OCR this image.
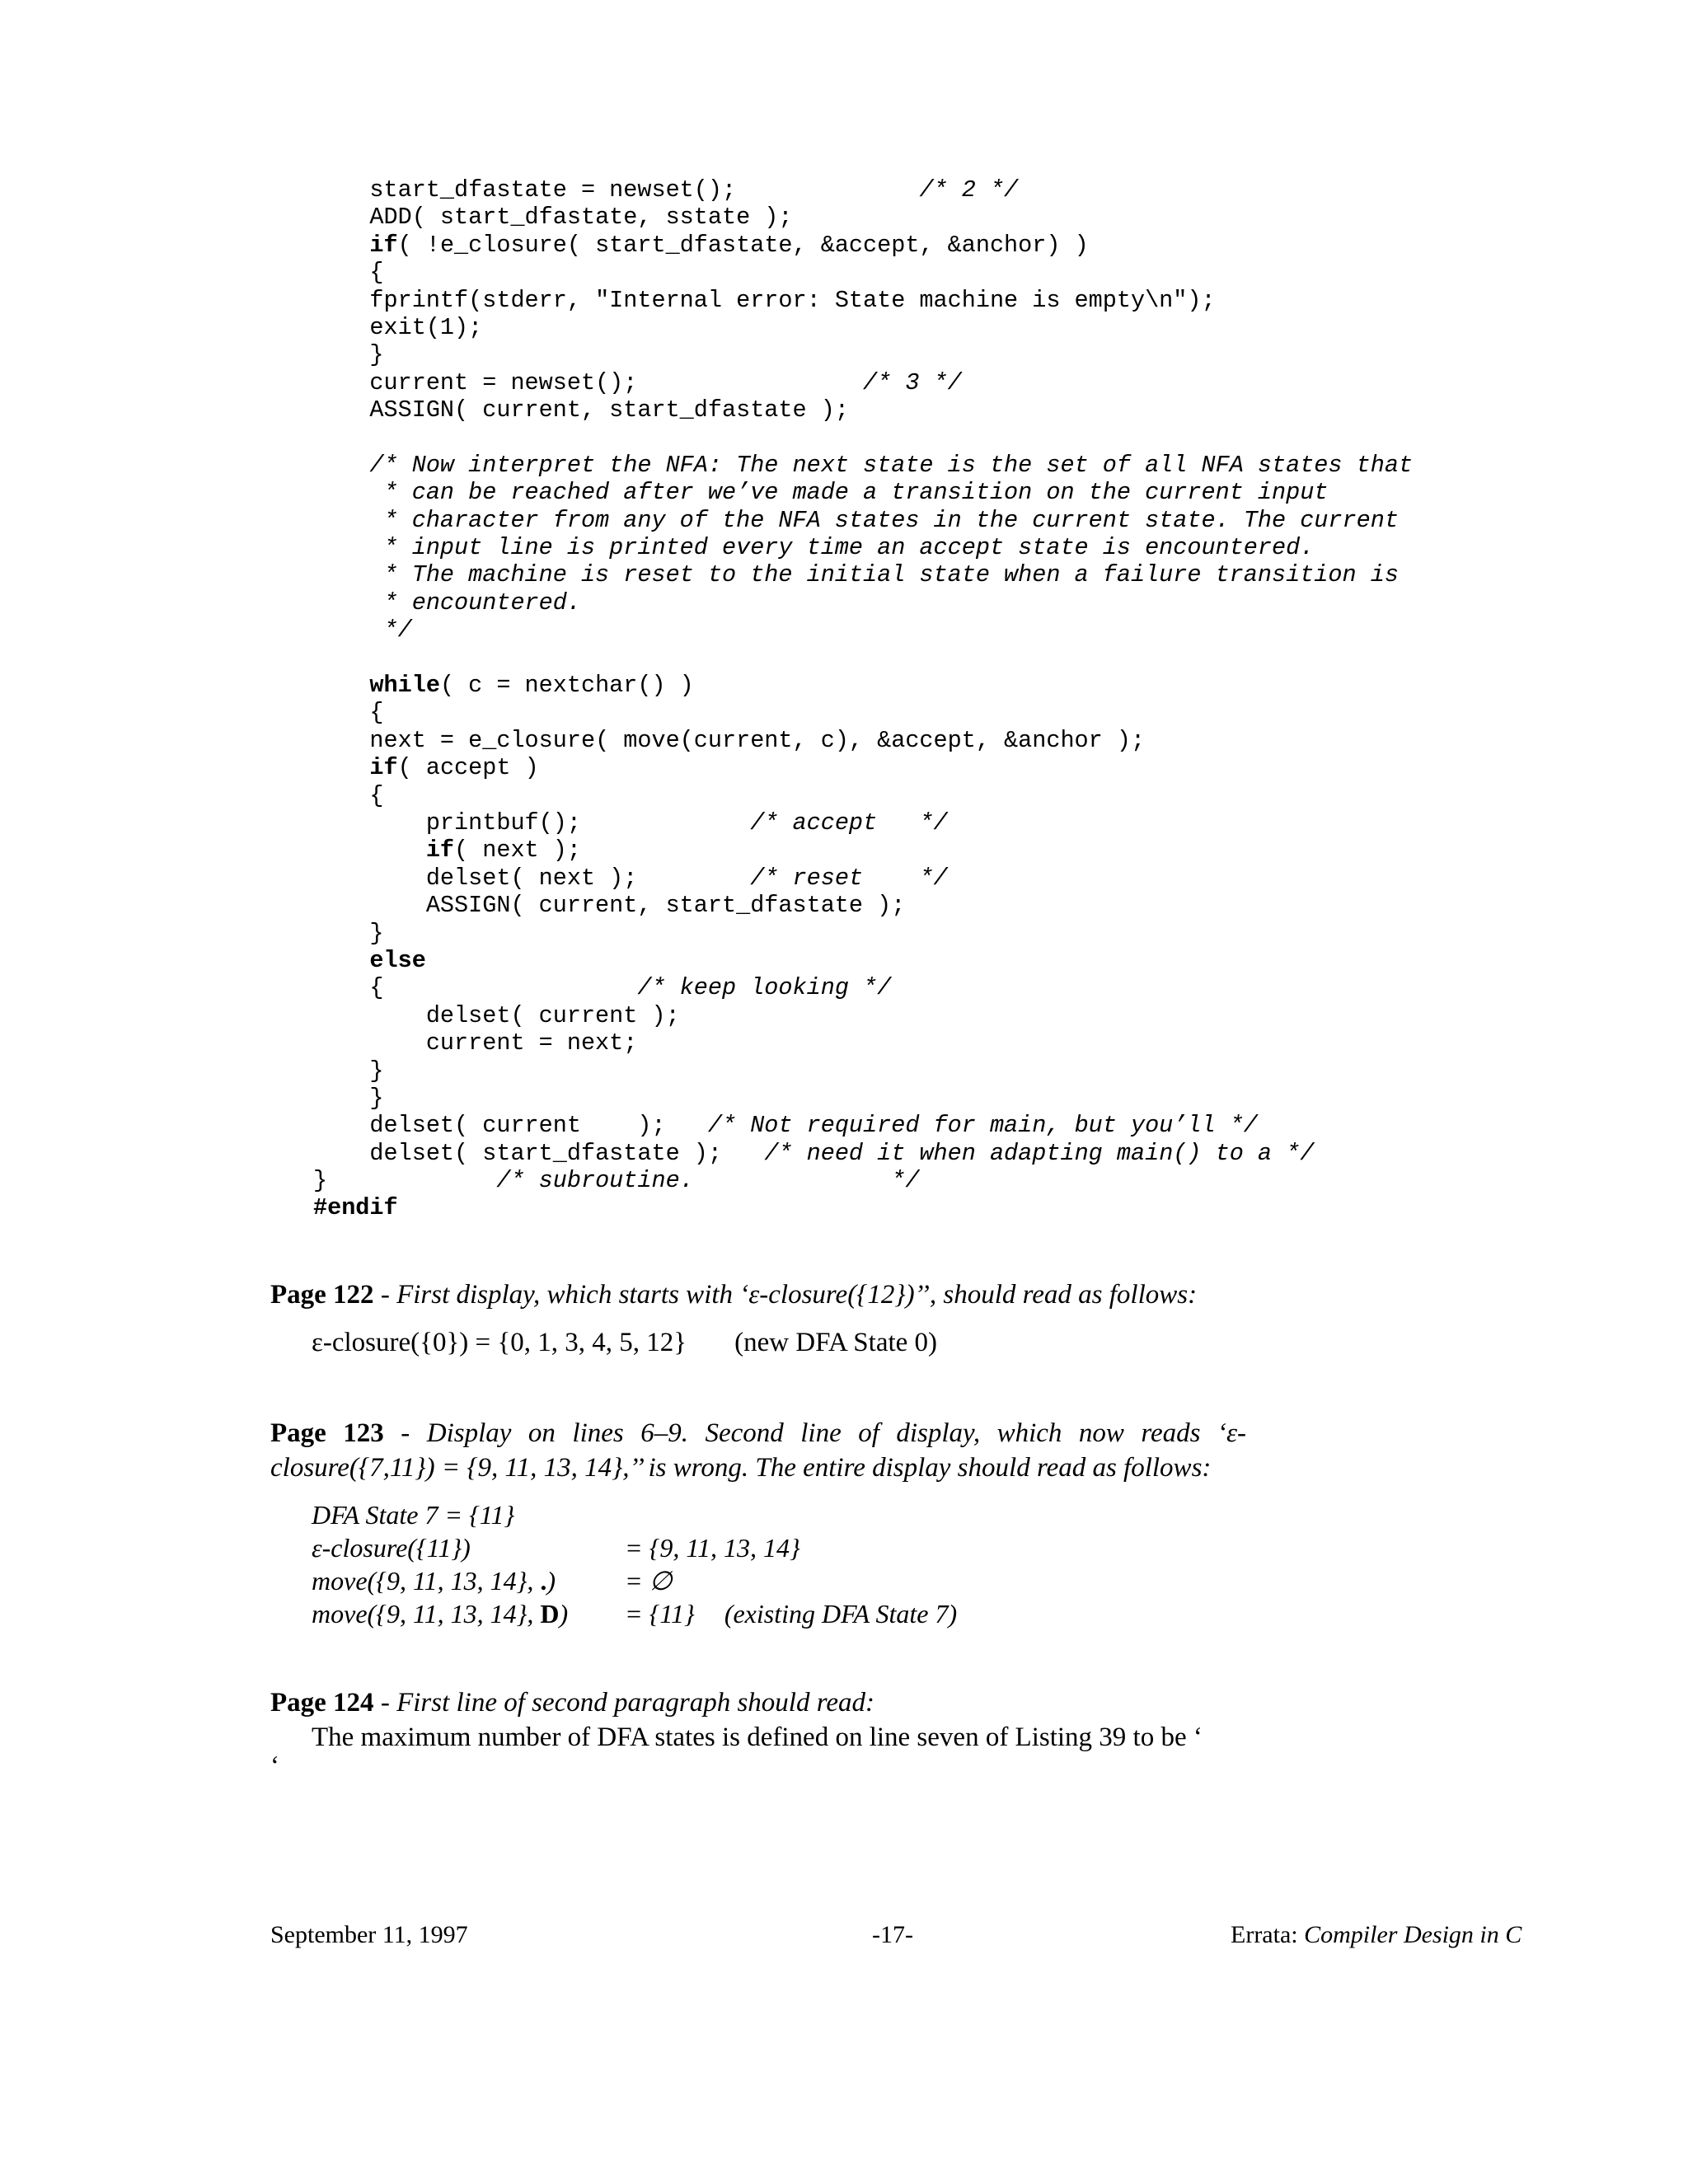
start_dfastate = newset();             /* 2 */
ADD( start_dfastate, sstate );
if( !e_closure( start_dfastate, &accept, &anchor) )
{
fprintf(stderr, "Internal error: State machine is empty\n");
exit(1);
}
current = newset();                /* 3 */
ASSIGN( current, start_dfastate );
/* Now interpret the NFA: The next state is the set of all NFA states that
* can be reached after we’ve made a transition on the current input
* character from any of the NFA states in the current state. The current
* input line is printed every time an accept state is encountered.
* The machine is reset to the initial state when a failure transition is
* encountered.
*/
while( c = nextchar() )
{
next = e_closure( move(current, c), &accept, &anchor );
if( accept )
{
printbuf();            /* accept   */
if( next );
delset( next );        /* reset    */
ASSIGN( current, start_dfastate );
}
else
{                  /* keep looking */
delset( current );
current = next;
}
}
delset( current    );   /* Not required for main, but you’ll */
delset( start_dfastate );   /* need it when adapting main() to a */
}            /* subroutine.              */
#endif
Page 122 - First display, which starts with ‘ε-closure({12})’’, should read as follows:
ε-closure({0}) = {0, 1, 3, 4, 5, 12} (new DFA State 0)
Page 123 - Display on lines 6–9. Second line of display, which now reads ‘ε-closure({7,11}) = {9, 11, 13, 14},’’ is wrong. The entire display should read as follows:
DFA State 7 = {11}
ε-closure({11})	= {9, 11, 13, 14}
move({9, 11, 13, 14}, .)	= ∅
move({9, 11, 13, 14}, D) = {11} (existing DFA State 7)
Page 124 - First line of second paragraph should read:
The maximum number of DFA states is defined on line seven of Listing 39 to be ‘
‘
September 11, 1997	-17-	Errata: Compiler Design in C
